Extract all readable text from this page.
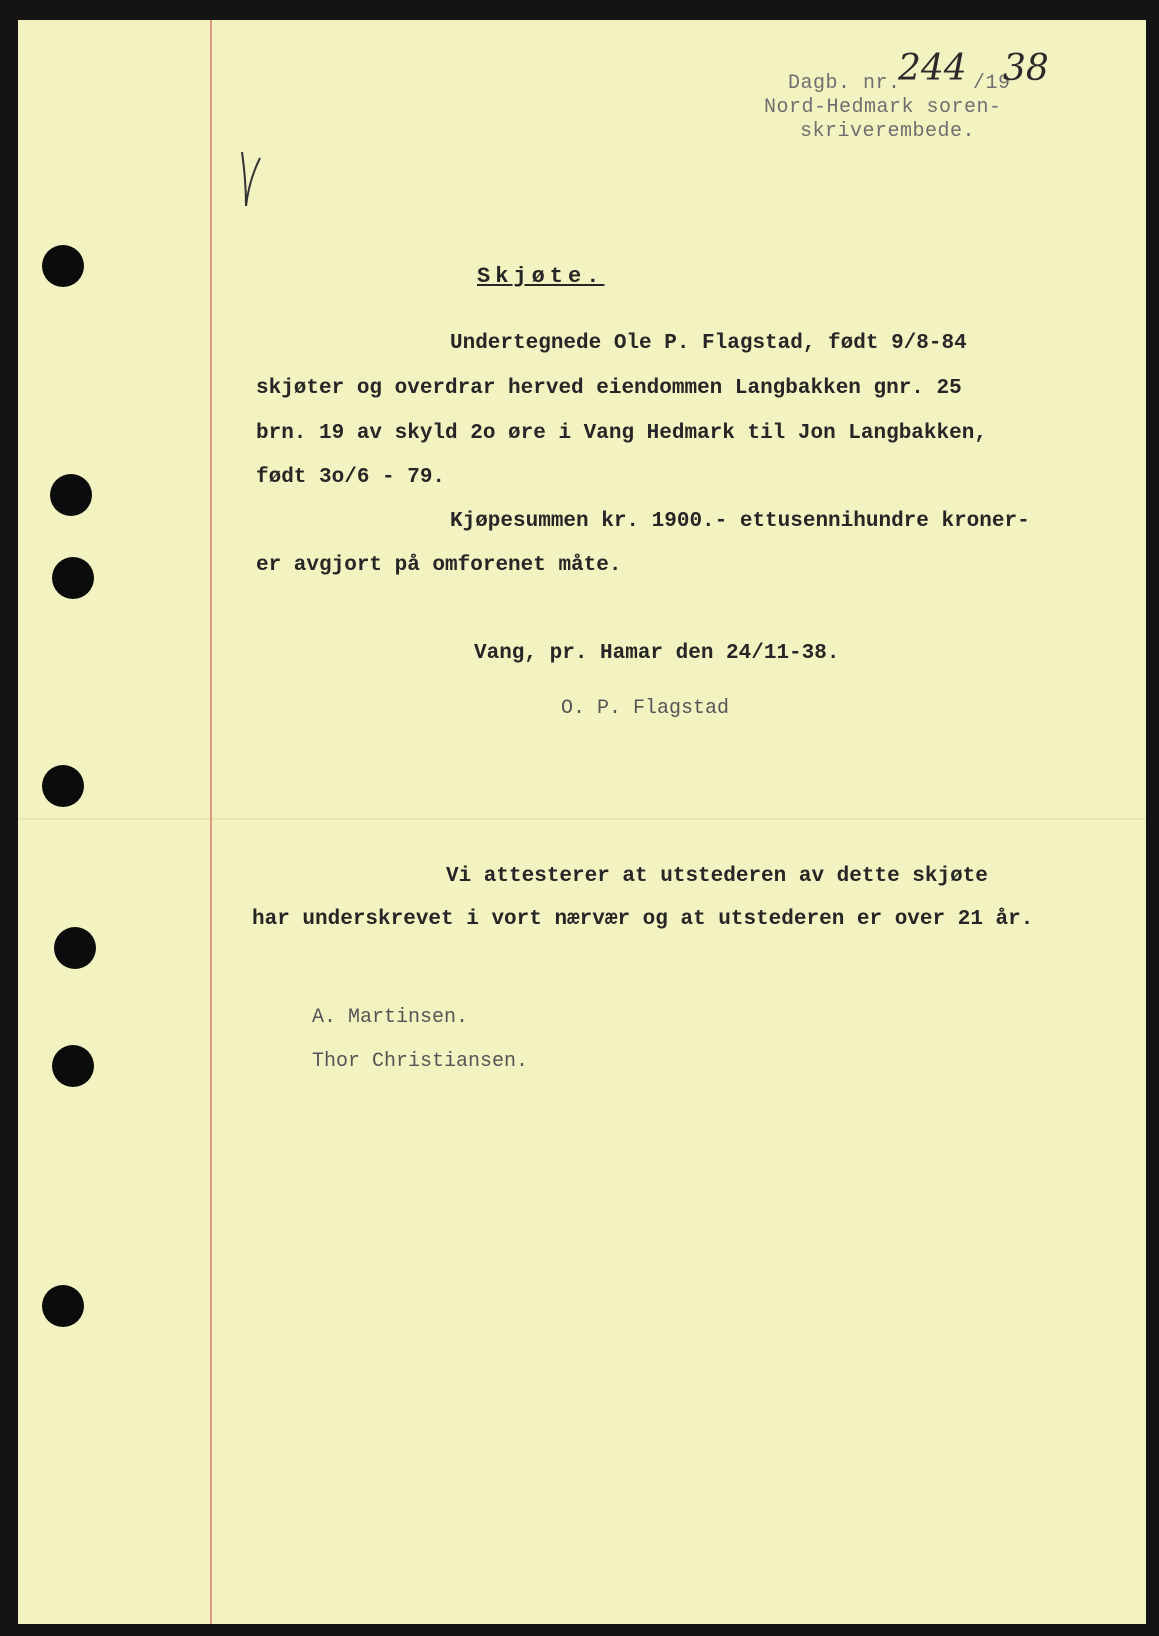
Dagb. nr.

244 /19

38

Nord-Hedmark soren-

skriverembede.

Skjøte.

Undertegnede Ole P. Flagstad, født 9/8-84

skjøter og overdrar herved eiendommen Langbakken gnr. 25

brn. 19 av skyld 2o øre i Vang Hedmark til Jon Langbakken,

født 3o/6 - 79.

Kjøpesummen kr. 1900.- ettusennihundre kroner-

er avgjort på omforenet måte.

Vang, pr. Hamar den 24/11-38.

O. P. Flagstad

Vi attesterer at utstederen av dette skjøte

har underskrevet i vort nærvær og at utstederen er over 21 år.

A. Martinsen.

Thor Christiansen.
